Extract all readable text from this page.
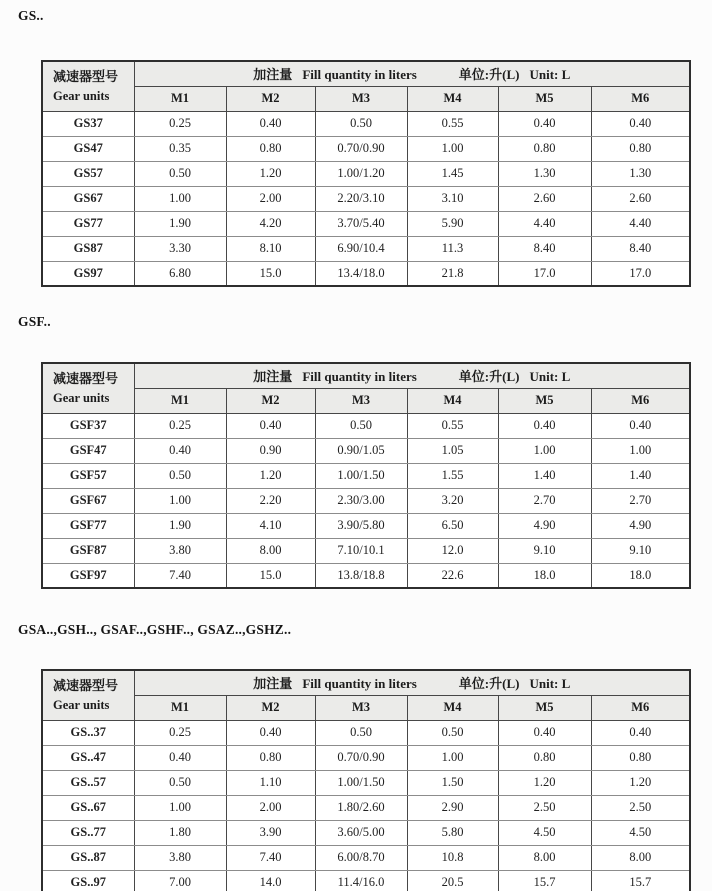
GS..
减速器型号
Gear units	加注量 Fill quantity in liters 单位:升(L) Unit: L					

	M1	M2	M3	M4	M5	M6
GS37	0.25	0.40	0.50	0.55	0.40	0.40
GS47	0.35	0.80	0.70/0.90	1.00	0.80	0.80
GS57	0.50	1.20	1.00/1.20	1.45	1.30	1.30
GS67	1.00	2.00	2.20/3.10	3.10	2.60	2.60
GS77	1.90	4.20	3.70/5.40	5.90	4.40	4.40
GS87	3.30	8.10	6.90/10.4	11.3	8.40	8.40
GS97	6.80	15.0	13.4/18.0	21.8	17.0	17.0
GSF..
减速器型号
Gear units	加注量 Fill quantity in liters 单位:升(L) Unit: L					

	M1	M2	M3	M4	M5	M6
GSF37	0.25	0.40	0.50	0.55	0.40	0.40
GSF47	0.40	0.90	0.90/1.05	1.05	1.00	1.00
GSF57	0.50	1.20	1.00/1.50	1.55	1.40	1.40
GSF67	1.00	2.20	2.30/3.00	3.20	2.70	2.70
GSF77	1.90	4.10	3.90/5.80	6.50	4.90	4.90
GSF87	3.80	8.00	7.10/10.1	12.0	9.10	9.10
GSF97	7.40	15.0	13.8/18.8	22.6	18.0	18.0
GSA..,GSH.., GSAF..,GSHF.., GSAZ..,GSHZ..
减速器型号
Gear units	加注量 Fill quantity in liters 单位:升(L) Unit: L					

	M1	M2	M3	M4	M5	M6
GS..37	0.25	0.40	0.50	0.50	0.40	0.40
GS..47	0.40	0.80	0.70/0.90	1.00	0.80	0.80
GS..57	0.50	1.10	1.00/1.50	1.50	1.20	1.20
GS..67	1.00	2.00	1.80/2.60	2.90	2.50	2.50
GS..77	1.80	3.90	3.60/5.00	5.80	4.50	4.50
GS..87	3.80	7.40	6.00/8.70	10.8	8.00	8.00
GS..97	7.00	14.0	11.4/16.0	20.5	15.7	15.7
